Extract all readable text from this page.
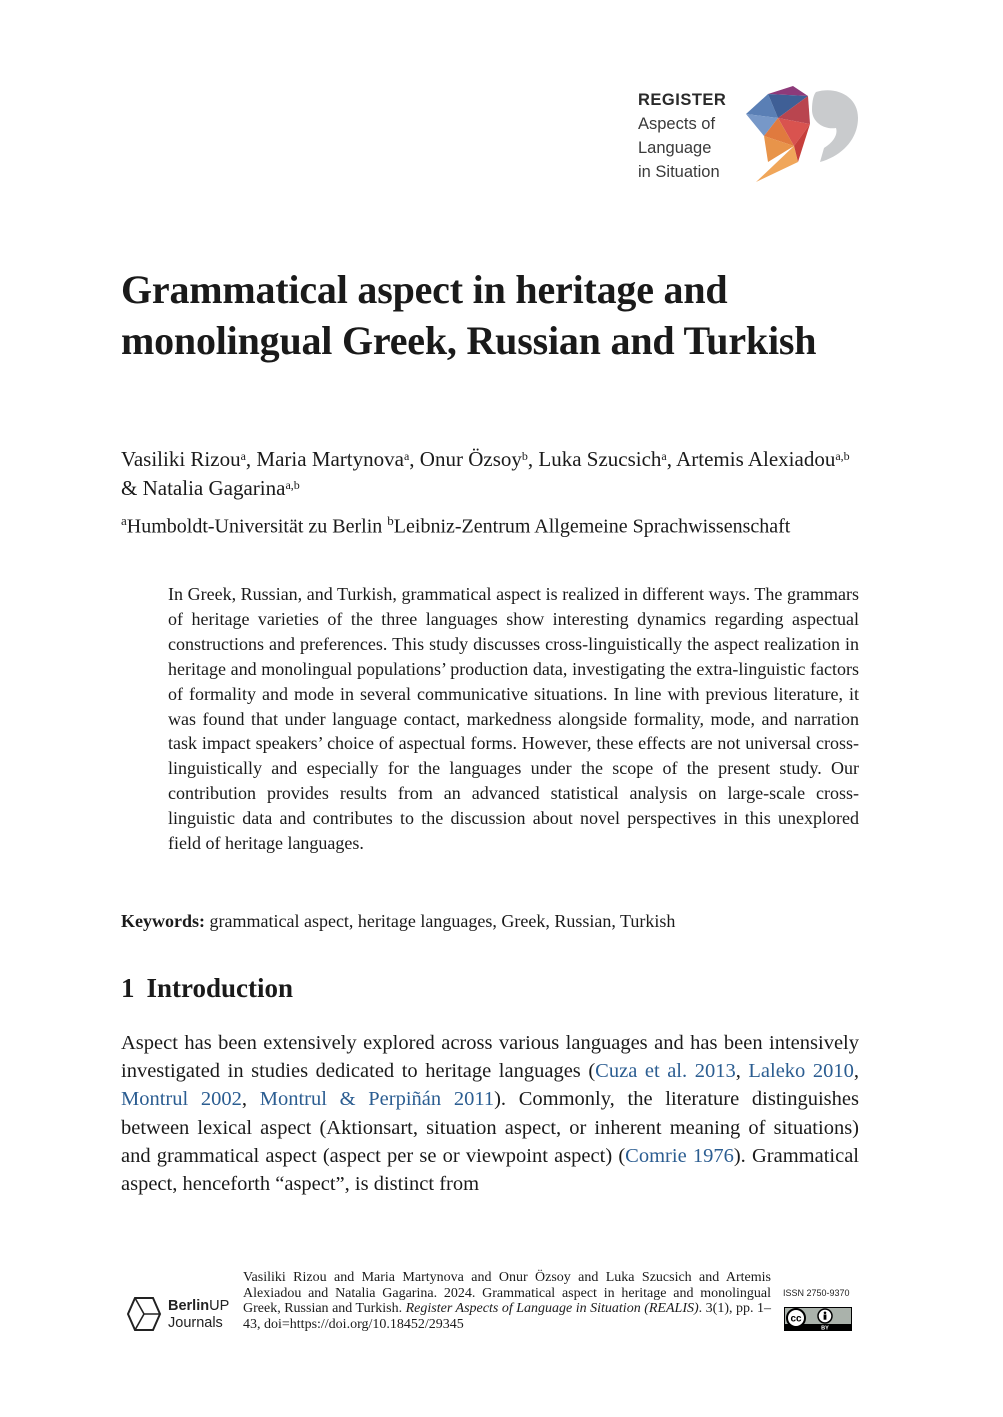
REGISTER
Aspects of
Language
in Situation
Grammatical aspect in heritage and monolingual Greek, Russian and Turkish
Vasiliki Rizou$^a$, Maria Martynova$^a$, Onur Özsoy$^b$, Luka Szucsich$^a$, Artemis Alexiadou$^{a,b}$ & Natalia Gagarina$^{a,b}$
$^a$Humboldt-Universität zu Berlin $^b$Leibniz-Zentrum Allgemeine Sprachwissenschaft

In Greek, Russian, and Turkish, grammatical aspect is realized in different ways. The grammars of heritage varieties of the three languages show interesting dynamics regarding aspectual constructions and preferences. This study discusses cross-linguistically the aspect realization in heritage and monolingual populations’ production data, investigating the extra-linguistic factors of formality and mode in several communicative situations. In line with previous literature, it was found that under language contact, markedness alongside formality, mode, and narration task impact speakers’ choice of aspectual forms. However, these effects are not universal cross-linguistically and especially for the languages under the scope of the present study. Our contribution provides results from an advanced statistical analysis on large-scale cross-linguistic data and contributes to the discussion about novel perspectives in this unexplored field of heritage languages.

Keywords: grammatical aspect, heritage languages, Greek, Russian, Turkish
1 Introduction

Aspect has been extensively explored across various languages and has been intensively investigated in studies dedicated to heritage languages (Cuza et al. 2013, Laleko 2010, Montrul 2002, Montrul & Perpiñán 2011). Commonly, the literature distinguishes between lexical aspect (Aktionsart, situation aspect, or inherent meaning of situations) and grammatical aspect (aspect per se or viewpoint aspect) (Comrie 1976). Grammatical aspect, henceforth “aspect”, is distinct from

BerlinUP
Journals
Vasiliki Rizou and Maria Martynova and Onur Özsoy and Luka Szucsich and Artemis Alexiadou and Natalia Gagarina. 2024. Grammatical aspect in heritage and monolingual Greek, Russian and Turkish. Register Aspects of Language in Situation (REALIS). 3(1), pp. 1–43, doi=https://doi.org/10.18452/29345
ISSN 2750-9370
cc
BY
